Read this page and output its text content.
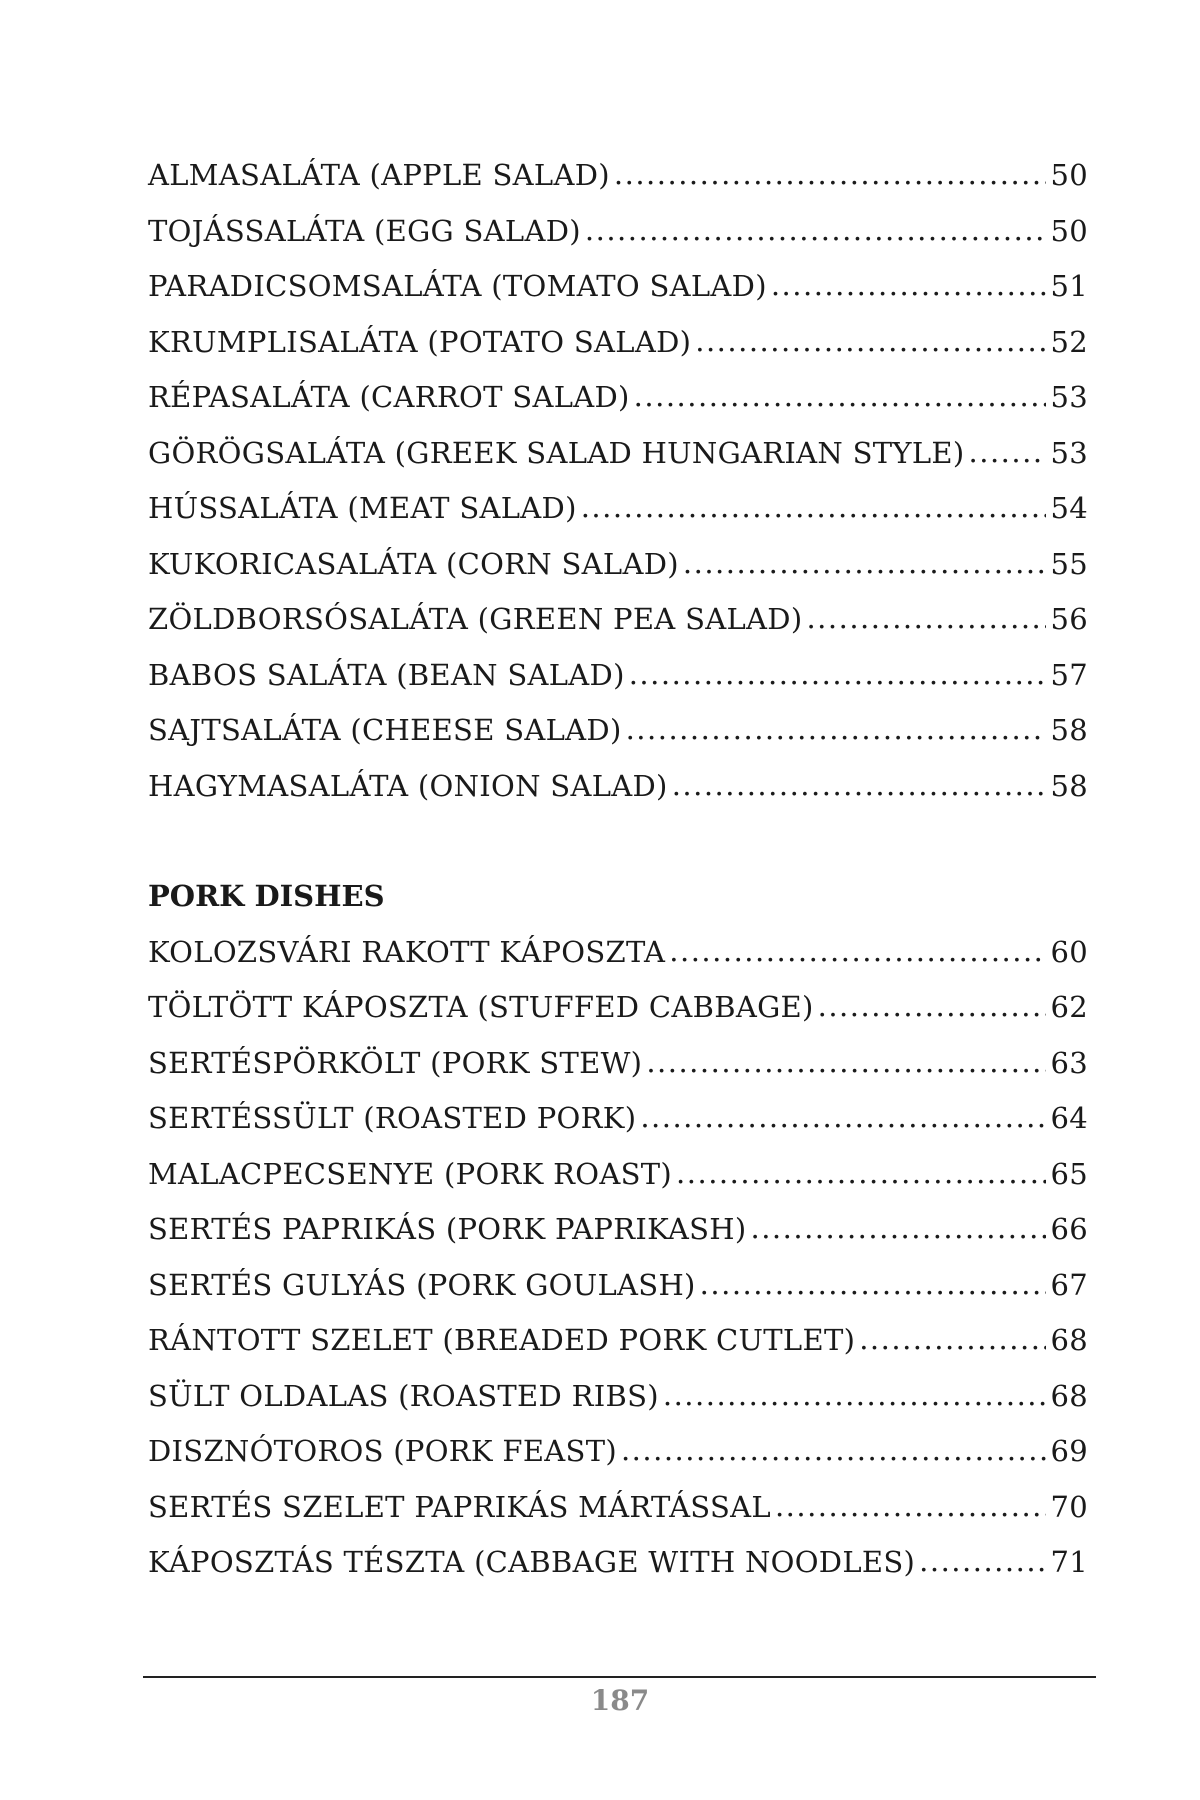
ALMASALÁTA (APPLE SALAD) .....	50
TOJÁSSALÁTA (EGG SALAD) .....	50
PARADICSOMSALÁTA (TOMATO SALAD) .....	51
KRUMPLISALÁTA (POTATO SALAD) .....	52
RÉPASALÁTA (CARROT SALAD) .....	53
GÖRÖGSALÁTA (GREEK SALAD HUNGARIAN STYLE) .....	53
HÚSSALÁTA (MEAT SALAD) .....	54
KUKORICASALÁTA (CORN SALAD) .....	55
ZÖLDBORSÓSALÁTA (GREEN PEA SALAD) .....	56
BABOS SALÁTA (BEAN SALAD) .....	57
SAJTSALÁTA (CHEESE SALAD) .....	58
HAGYMASALÁTA (ONION SALAD) .....	58
PORK DISHES
KOLOZSVÁRI RAKOTT KÁPOSZTA .....	60
TÖLTÖTT KÁPOSZTA (STUFFED CABBAGE) .....	62
SERTÉSPÖRKÖLT (PORK STEW) .....	63
SERTÉSSÜLT (ROASTED PORK) .....	64
MALACPECSENYE (PORK ROAST) .....	65
SERTÉS PAPRIKÁS (PORK PAPRIKASH) .....	66
SERTÉS GULYÁS (PORK GOULASH) .....	67
RÁNTOTT SZELET (BREADED PORK CUTLET) .....	68
SÜLT OLDALAS (ROASTED RIBS) .....	68
DISZNÓTOROS (PORK FEAST) .....	69
SERTÉS SZELET PAPRIKÁS MÁRTÁSSAL .....	70
KÁPOSZTÁS TÉSZTA (CABBAGE WITH NOODLES) .....	71
187
